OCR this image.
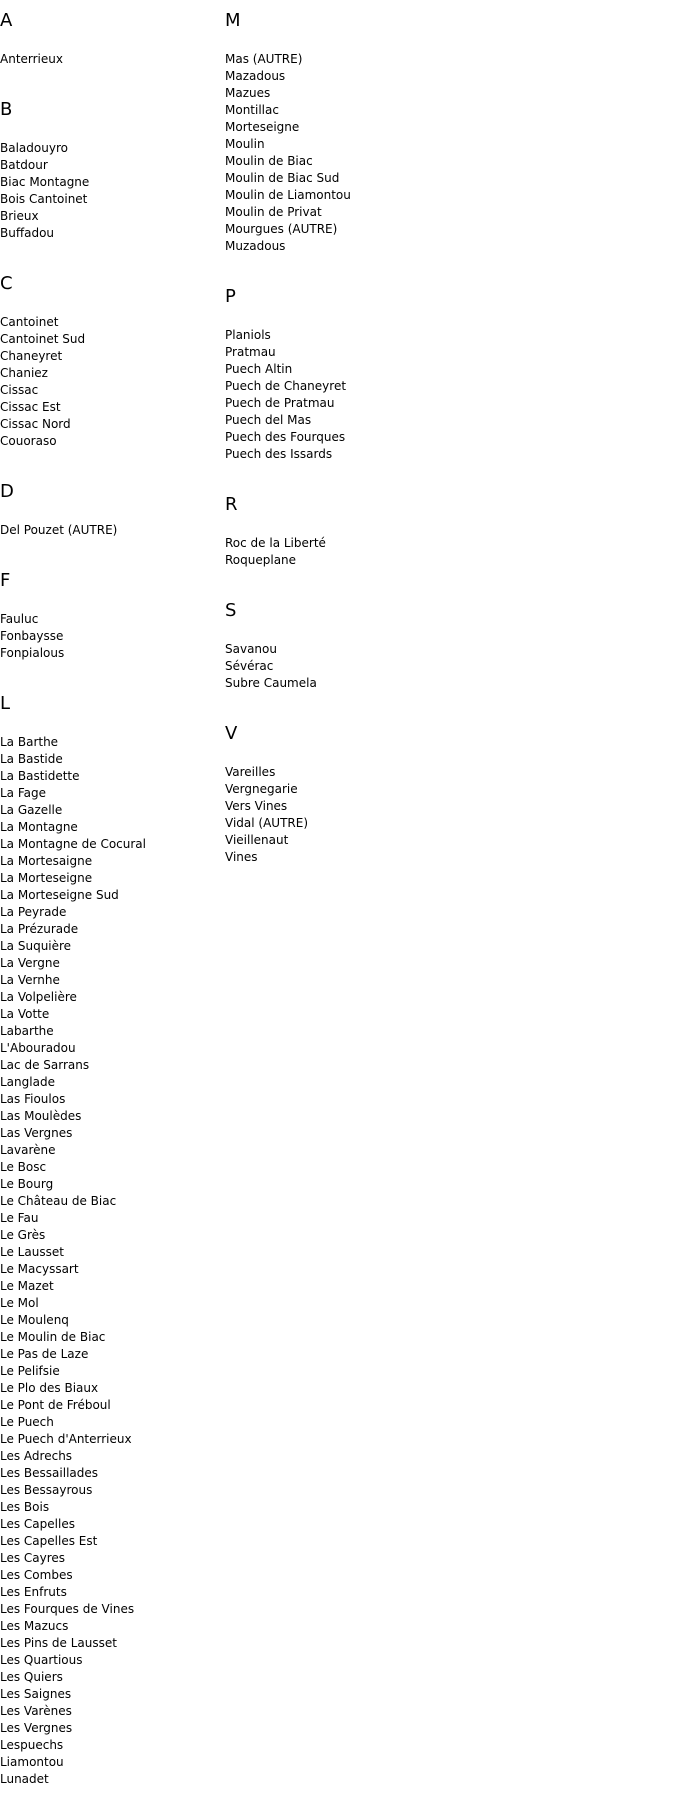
A
Anterrieux
B
Baladouyro
Batdour
Biac Montagne
Bois Cantoinet
Brieux
Buffadou
C
Cantoinet
Cantoinet Sud
Chaneyret
Chaniez
Cissac
Cissac Est
Cissac Nord
Couoraso
D
Del Pouzet (AUTRE)
F
Fauluc
Fonbaysse
Fonpialous
L
La Barthe
La Bastide
La Bastidette
La Fage
La Gazelle
La Montagne
La Montagne de Cocural
La Mortesaigne
La Morteseigne
La Morteseigne Sud
La Peyrade
La Prézurade
La Suquière
La Vergne
La Vernhe
La Volpelière
La Votte
Labarthe
L'Abouradou
Lac de Sarrans
Langlade
Las Fioulos
Las Moulèdes
Las Vergnes
Lavarène
Le Bosc
Le Bourg
Le Château de Biac
Le Fau
Le Grès
Le Lausset
Le Macyssart
Le Mazet
Le Mol
Le Moulenq
Le Moulin de Biac
Le Pas de Laze
Le Pelifsie
Le Plo des Biaux
Le Pont de Fréboul
Le Puech
Le Puech d'Anterrieux
Les Adrechs
Les Bessaillades
Les Bessayrous
Les Bois
Les Capelles
Les Capelles Est
Les Cayres
Les Combes
Les Enfruts
Les Fourques de Vines
Les Mazucs
Les Pins de Lausset
Les Quartious
Les Quiers
Les Saignes
Les Varènes
Les Vergnes
Lespuechs
Liamontou
Lunadet
M
Mas (AUTRE)
Mazadous
Mazues
Montillac
Morteseigne
Moulin
Moulin de Biac
Moulin de Biac Sud
Moulin de Liamontou
Moulin de Privat
Mourgues (AUTRE)
Muzadous
P
Planiols
Pratmau
Puech Altin
Puech de Chaneyret
Puech de Pratmau
Puech del Mas
Puech des Fourques
Puech des Issards
R
Roc de la Liberté
Roqueplane
S
Savanou
Sévérac
Subre Caumela
V
Vareilles
Vergnegarie
Vers Vines
Vidal (AUTRE)
Vieillenaut
Vines
